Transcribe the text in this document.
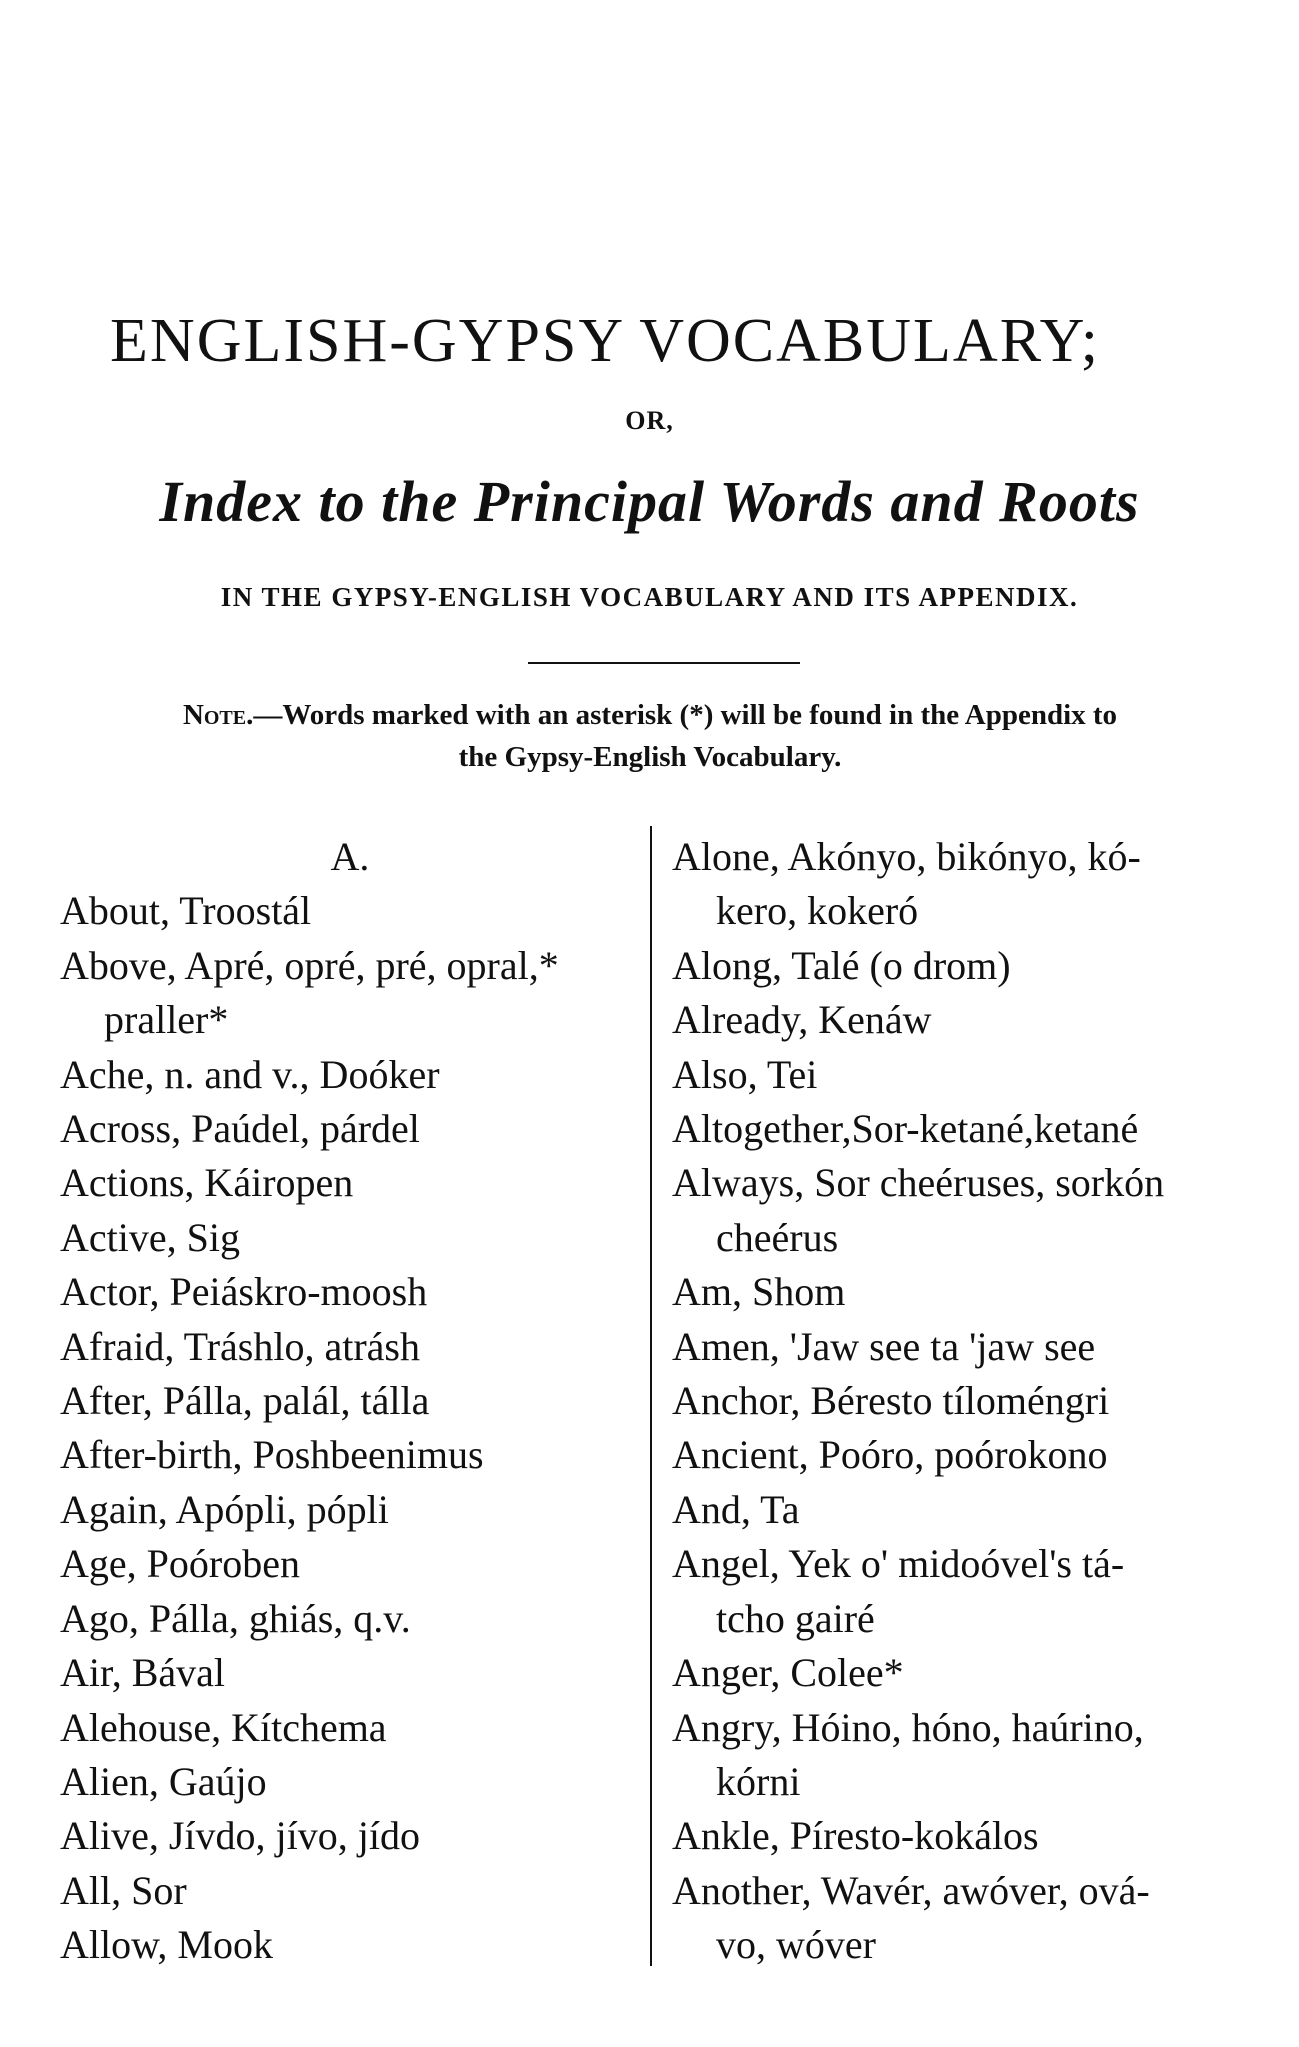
ENGLISH-GYPSY VOCABULARY;
OR,
Index to the Principal Words and Roots
IN THE GYPSY-ENGLISH VOCABULARY AND ITS APPENDIX.
Note.—Words marked with an asterisk (*) will be found in the Appendix to
the Gypsy-English Vocabulary.
A.
About, Troostál
Above, Apré, opré, pré, opral,*
praller*
Ache, n. and v., Doóker
Across, Paúdel, párdel
Actions, Káiropen
Active, Sig
Actor, Peiáskro-moosh
Afraid, Tráshlo, atrásh
After, Pálla, palál, tálla
After-birth, Poshbeenimus
Again, Apópli, pópli
Age, Poóroben
Ago, Pálla, ghiás, q.v.
Air, Bával
Alehouse, Kítchema
Alien, Gaújo
Alive, Jívdo, jívo, jído
All, Sor
Allow, Mook
Alone, Akónyo, bikónyo, kó-
kero, kokeró
Along, Talé (o drom)
Already, Kenáw
Also, Tei
Altogether,Sor-ketané,ketané
Always, Sor cheéruses, sorkón
cheérus
Am, Shom
Amen, 'Jaw see ta 'jaw see
Anchor, Béresto tíloméngri
Ancient, Poóro, poórokono
And, Ta
Angel, Yek o' midoóvel's tá-
tcho gairé
Anger, Colee*
Angry, Hóino, hóno, haúrino,
kórni
Ankle, Píresto-kokálos
Another, Wavér, awóver, ová-
vo, wóver
